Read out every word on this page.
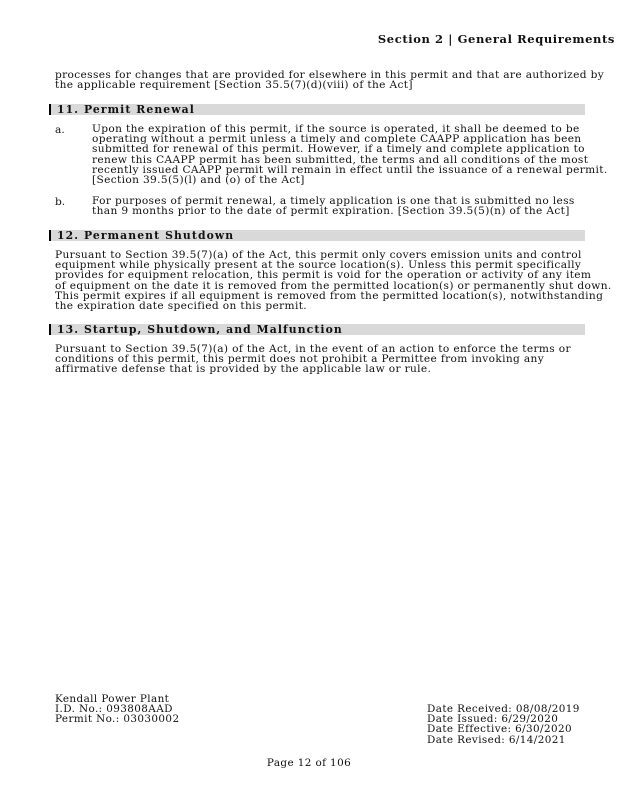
Section 2 | General Requirements
processes for changes that are provided for elsewhere in this permit and that are authorized by
the applicable requirement [Section 35.5(7)(d)(viii) of the Act]
11. Permit Renewal
a.	Upon the expiration of this permit, if the source is operated, it shall be deemed to be
operating without a permit unless a timely and complete CAAPP application has been
submitted for renewal of this permit. However, if a timely and complete application to
renew this CAAPP permit has been submitted, the terms and all conditions of the most
recently issued CAAPP permit will remain in effect until the issuance of a renewal permit.
[Section 39.5(5)(l) and (o) of the Act]
b.	For purposes of permit renewal, a timely application is one that is submitted no less
than 9 months prior to the date of permit expiration. [Section 39.5(5)(n) of the Act]
12. Permanent Shutdown
Pursuant to Section 39.5(7)(a) of the Act, this permit only covers emission units and control
equipment while physically present at the source location(s). Unless this permit specifically
provides for equipment relocation, this permit is void for the operation or activity of any item
of equipment on the date it is removed from the permitted location(s) or permanently shut down.
This permit expires if all equipment is removed from the permitted location(s), notwithstanding
the expiration date specified on this permit.
13. Startup, Shutdown, and Malfunction
Pursuant to Section 39.5(7)(a) of the Act, in the event of an action to enforce the terms or
conditions of this permit, this permit does not prohibit a Permittee from invoking any
affirmative defense that is provided by the applicable law or rule.
Kendall Power Plant
I.D. No.: 093808AAD
Permit No.: 03030002
Date Received: 08/08/2019
Date Issued: 6/29/2020
Date Effective: 6/30/2020
Date Revised: 6/14/2021
Page 12 of 106
